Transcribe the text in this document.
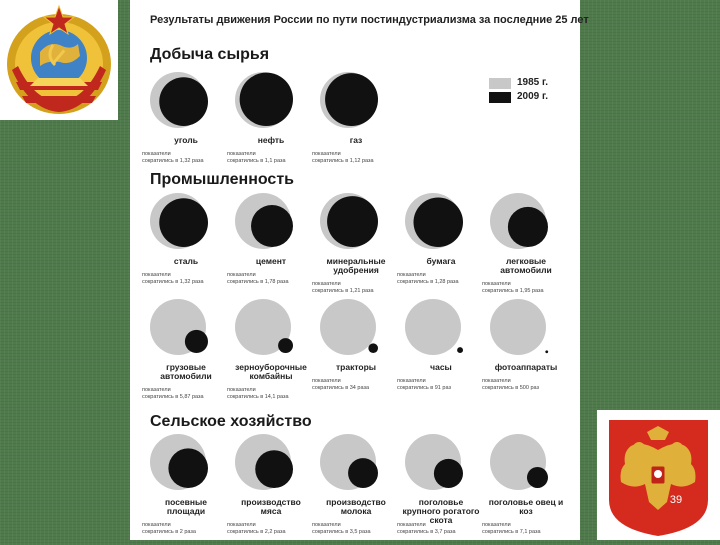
Результаты движения России по пути постиндустриализма за последние 25 лет
Добыча сырья
Промышленность
Сельское хозяйство
1985 г.
2009 г.
уголь
показатели
сократились в 1,32 раза
нефть
показатели
сократились в 1,1 раза
газ
показатели
сократились в 1,12 раза
сталь
показатели
сократились в 1,32 раза
цемент
показатели
сократились в 1,78 раза
минеральные удобрения
показатели
сократились в 1,21 раза
бумага
показатели
сократились в 1,28 раза
легковые автомобили
показатели
сократились в 1,95 раза
грузовые автомобили
показатели
сократились в 5,87 раза
зерноуборочные комбайны
показатели
сократились в 14,1 раза
тракторы
показатели
сократились в 34 раза
часы
показатели
сократились в 91 раз
фотоаппараты
показатели
сократились в 500 раз
посевные площади
показатели
сократились в 2 раза
производство мяса
показатели
сократились в 2,2 раза
производство молока
показатели
сократились в 3,5 раза
поголовье крупного рогатого скота
показатели
сократились в 3,7 раза
поголовье овец и коз
показатели
сократились в 7,1 раза
39
